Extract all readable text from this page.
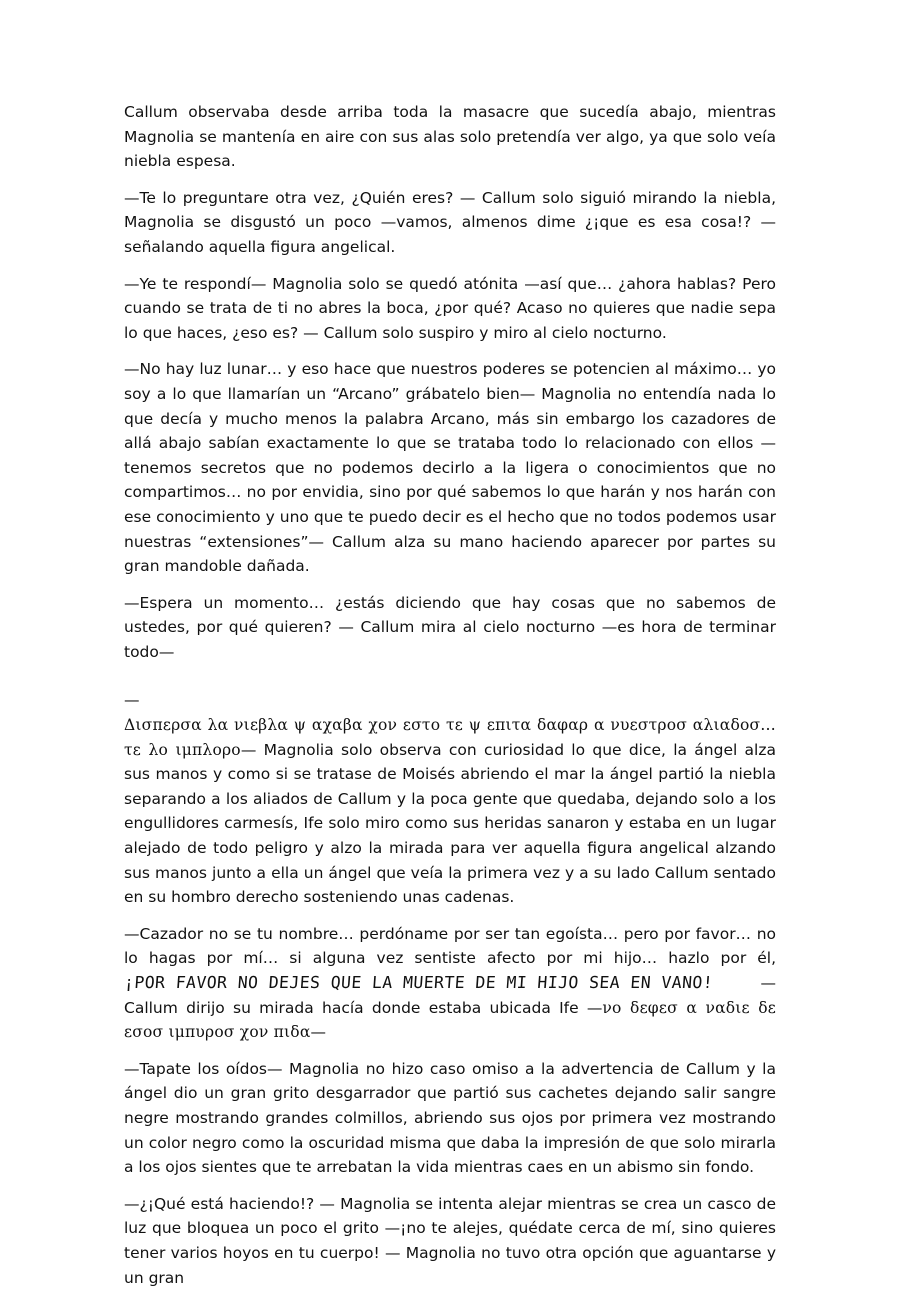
Callum observaba desde arriba toda la masacre que sucedía abajo, mientras Magnolia se mantenía en aire con sus alas solo pretendía ver algo, ya que solo veía niebla espesa.

—Te lo preguntare otra vez, ¿Quién eres? — Callum solo siguió mirando la niebla, Magnolia se disgustó un poco —vamos, almenos dime ¿¡que es esa cosa!? — señalando aquella figura angelical.

—Ye te respondí— Magnolia solo se quedó atónita —así que… ¿ahora hablas? Pero cuando se trata de ti no abres la boca, ¿por qué? Acaso no quieres que nadie sepa lo que haces, ¿eso es? — Callum solo suspiro y miro al cielo nocturno.

—No hay luz lunar… y eso hace que nuestros poderes se potencien al máximo… yo soy a lo que llamarían un “Arcano” grábatelo bien— Magnolia no entendía nada lo que decía y mucho menos la palabra Arcano, más sin embargo los cazadores de allá abajo sabían exactamente lo que se trataba todo lo relacionado con ellos —tenemos secretos que no podemos decirlo a la ligera o conocimientos que no compartimos… no por envidia, sino por qué sabemos lo que harán y nos harán con ese conocimiento y uno que te puedo decir es el hecho que no todos podemos usar nuestras “extensiones”— Callum alza su mano haciendo aparecer por partes su gran mandoble dañada.

—Espera un momento… ¿estás diciendo que hay cosas que no sabemos de ustedes, por qué quieren? — Callum mira al cielo nocturno —es hora de terminar todo—

—

Δισπερσα λα νιεβλα ψ αχαβα χον εστο τε ψ επιτα δαφαρ α νυεστροσ αλιαδοσ… τε λο ιμπλορο— Magnolia solo observa con curiosidad lo que dice, la ángel alza sus manos y como si se tratase de Moisés abriendo el mar la ángel partió la niebla separando a los aliados de Callum y la poca gente que quedaba, dejando solo a los engullidores carmesís, Ife solo miro como sus heridas sanaron y estaba en un lugar alejado de todo peligro y alzo la mirada para ver aquella figura angelical alzando sus manos junto a ella un ángel que veía la primera vez y a su lado Callum sentado en su hombro derecho sosteniendo unas cadenas.

—Cazador no se tu nombre… perdóname por ser tan egoísta… pero por favor… no lo hagas por mí… si alguna vez sentiste afecto por mi hijo… hazlo por él, ¡POR FAVOR NO DEJES QUE LA MUERTE DE MI HIJO SEA EN VANO! — Callum dirijo su mirada hacía donde estaba ubicada Ife —νο δεφεσ α ναδιε δε εσοσ ιμπυροσ χον πιδα—

—Tapate los oídos— Magnolia no hizo caso omiso a la advertencia de Callum y la ángel dio un gran grito desgarrador que partió sus cachetes dejando salir sangre negre mostrando grandes colmillos, abriendo sus ojos por primera vez mostrando un color negro como la oscuridad misma que daba la impresión de que solo mirarla a los ojos sientes que te arrebatan la vida mientras caes en un abismo sin fondo.

—¿¡Qué está haciendo!? — Magnolia se intenta alejar mientras se crea un casco de luz que bloquea un poco el grito —¡no te alejes, quédate cerca de mí, sino quieres tener varios hoyos en tu cuerpo! — Magnolia no tuvo otra opción que aguantarse y un gran
